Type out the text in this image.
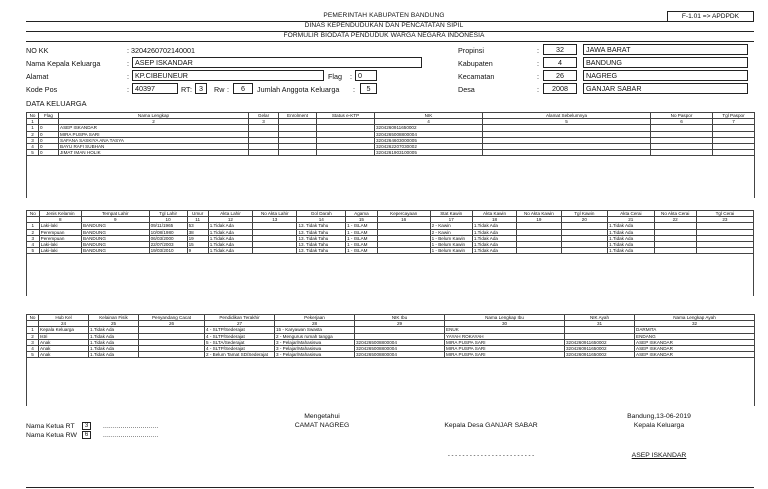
PEMERINTAH KABUPATEN BANDUNG
DINAS KEPENDUDUKAN DAN PENCATATAN SIPIL
FORMULIR BIODATA PENDUDUK WARGA NEGARA INDONESIA
F-1.01 => APDPDK
NO KK	: 3204260702140001
Nama Kepala Keluarga	: ASEP ISKANDAR
Alamat	: KP.CIBEUNEUR	Flag : 0
Kode Pos	: 40397	RT : 3	Rw :	6	Jumlah Anggota Keluarga :	5
Propinsi	:	32	JAWA BARAT
Kabupaten	:	4	BANDUNG
Kecamatan	:	26	NAGREG
Desa	:	2008	GANJAR SABAR
DATA KELUARGA
No	Flag	Nama Lengkap	Gelar	Enrolment	Status e-KTP	NIK	Alamat Sebelumnya	No Paspor	Tgl Paspor
1		2	3			4	5	6	7
1	0	ASEP ISKANDAR				3204260911650002			
2	0	MIRA PUSPA SARI				3204265008800004			
3	0	SAFANA SASKIYA ANA TASYA				3204264603000005			
4	0	BAYU RAFI SUBHAN				3204262207030002			
5	0	JIMAT IMAN HOLIK				3204261903100005			

No	Jenis Kelamin	Tempat Lahir	Tgl Lahir	Umur	Akta Lahir	No Akta Lahir	Gol Darah	Agama	Kepercayaan	Stat Kawin	Akta Kawin	No Akta Kawin	Tgl Kawin	Akta Cerai	No Akta Cerai	Tgl Cerai
	8	9	10	11	12	13	14	15	16	17	18	19	20	21	22	23
1	Laki-laki	BANDUNG	09/11/1965	53	1.Tidak Ada		13. Tidak Tahu	1 - ISLAM		2 - Kawin	1.Tidak Ada			1.Tidak Ada		
2	Perempuan	BANDUNG	10/08/1980	38	1.Tidak Ada		13. Tidak Tahu	1 - ISLAM		2 - Kawin	1.Tidak Ada			1.Tidak Ada		
3	Perempuan	BANDUNG	06/03/2000	19	1.Tidak Ada		13. Tidak Tahu	1 - ISLAM		1 - Belum Kawin	1.Tidak Ada			1.Tidak Ada		
4	Laki-laki	BANDUNG	22/07/2003	15	1.Tidak Ada		13. Tidak Tahu	1 - ISLAM		1 - Belum Kawin	1.Tidak Ada			1.Tidak Ada		
5	Laki-laki	BANDUNG	19/03/2010	9	1.Tidak Ada		13. Tidak Tahu	1 - ISLAM		1 - Belum Kawin	1.Tidak Ada			1.Tidak Ada		

No	Hub Kel	Kelainan Fisik	Penyandang Cacat	Pendidikan Terakhir	Pekerjaan	NIK Ibu	Nama Lengkap Ibu	NIK Ayah	Nama Lengkap Ayah
	24	25	26	27	28	29	30	31	32
1	Kepala Keluarga	1.Tidak Ada		4 - SLTP/Sederajat	15 - Karyawan Swasta		ENUK		DARMITA
2	Istri	1.Tidak Ada		4 - SLTP/Sederajat	2 - Mengurus rumah tangga		YAYAH ROKAYAH		ENDANG
3	Anak	1.Tidak Ada		5 - SLTA/Sederajat	3 - Pelajar/Mahasiswa	3204265008800004	MIRA PUSPA SARI	3204260911650002	ASEP ISKANDAR
4	Anak	1.Tidak Ada		4 - SLTP/Sederajat	3 - Pelajar/Mahasiswa	3204265008800004	MIRA PUSPA SARI	3204260911650002	ASEP ISKANDAR
5	Anak	1.Tidak Ada		2 - Belum Tamat SD/Sederajat	3 - Pelajar/Mahasiswa	3204265008800004	MIRA PUSPA SARI	3204260911650002	ASEP ISKANDAR

Nama Ketua RT	3	............................
Nama Ketua RW	6	............................
Mengetahui
CAMAT NAGREG	Kepala Desa GANJAR SABAR
- - - - - - - - - - - - - - - - - - - - - - - -
Bandung,13-06-2019
Kepala Keluarga
ASEP ISKANDAR
